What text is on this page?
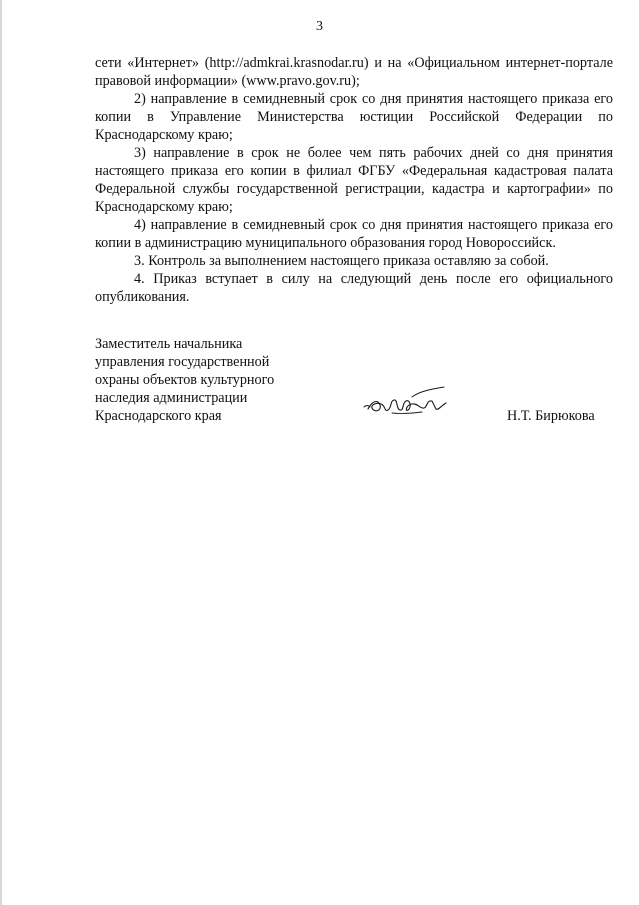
3

сети «Интернет» (http://admkrai.krasnodar.ru) и на «Официальном интернет-портале правовой информации» (www.pravo.gov.ru);

2) направление в семидневный срок со дня принятия настоящего приказа его копии в Управление Министерства юстиции Российской Федерации по Краснодарскому краю;

3) направление в срок не более чем пять рабочих дней со дня принятия настоящего приказа его копии в филиал ФГБУ «Федеральная кадастровая палата Федеральной службы государственной регистрации, кадастра и картографии» по Краснодарскому краю;

4) направление в семидневный срок со дня принятия настоящего приказа его копии в администрацию муниципального образования город Новороссийск.

3. Контроль за выполнением настоящего приказа оставляю за собой.

4. Приказ вступает в силу на следующий день после его официального опубликования.

Заместитель начальника
управления государственной
охраны объектов культурного
наследия администрации
Краснодарского края	Н.Т. Бирюкова
